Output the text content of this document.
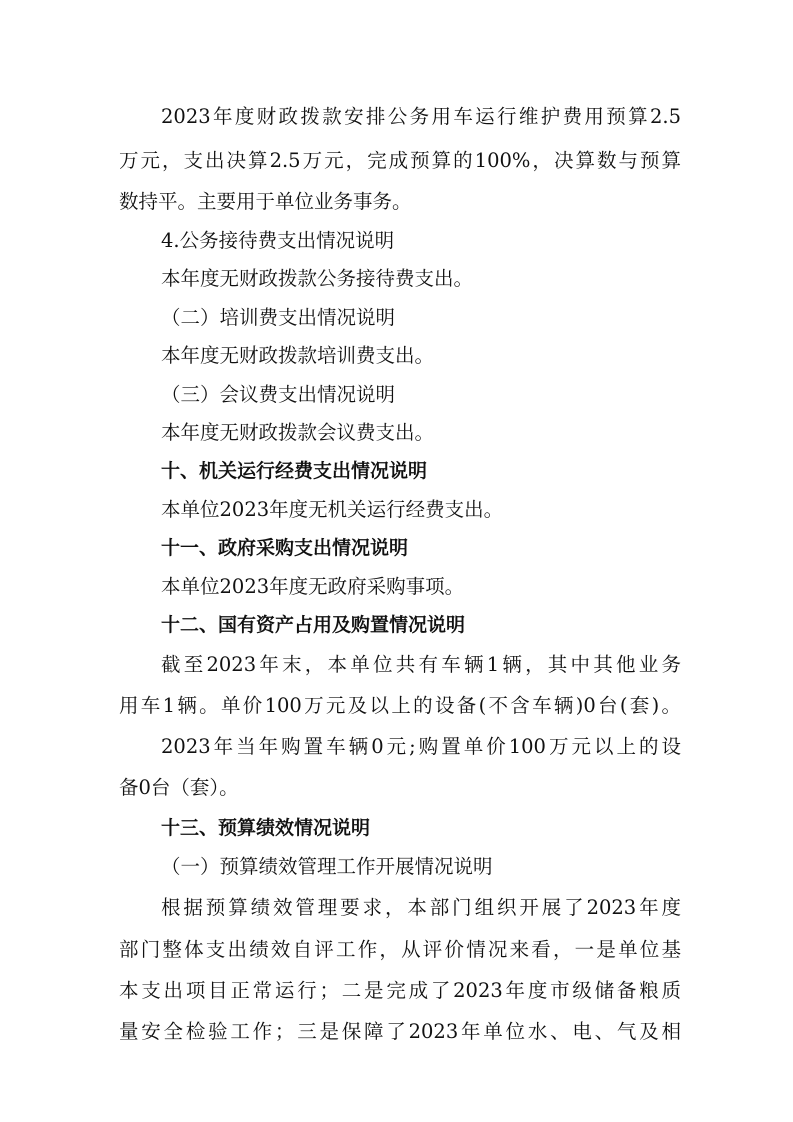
2023年度财政拨款安排公务用车运行维护费用预算2.5
万元，支出决算2.5万元，完成预算的100%，决算数与预算
数持平。主要用于单位业务事务。
4.公务接待费支出情况说明
本年度无财政拨款公务接待费支出。
（二）培训费支出情况说明
本年度无财政拨款培训费支出。
（三）会议费支出情况说明
本年度无财政拨款会议费支出。
十、机关运行经费支出情况说明
本单位2023年度无机关运行经费支出。
十一、政府采购支出情况说明
本单位2023年度无政府采购事项。
十二、国有资产占用及购置情况说明
截至2023年末，本单位共有车辆1辆，其中其他业务
用车1辆。单价100万元及以上的设备(不含车辆)0台(套)。
2023年当年购置车辆0元;购置单价100万元以上的设
备0台（套）。
十三、预算绩效情况说明
（一）预算绩效管理工作开展情况说明
根据预算绩效管理要求，本部门组织开展了2023年度
部门整体支出绩效自评工作，从评价情况来看，一是单位基
本支出项目正常运行；二是完成了2023年度市级储备粮质
量安全检验工作；三是保障了2023年单位水、电、气及相
